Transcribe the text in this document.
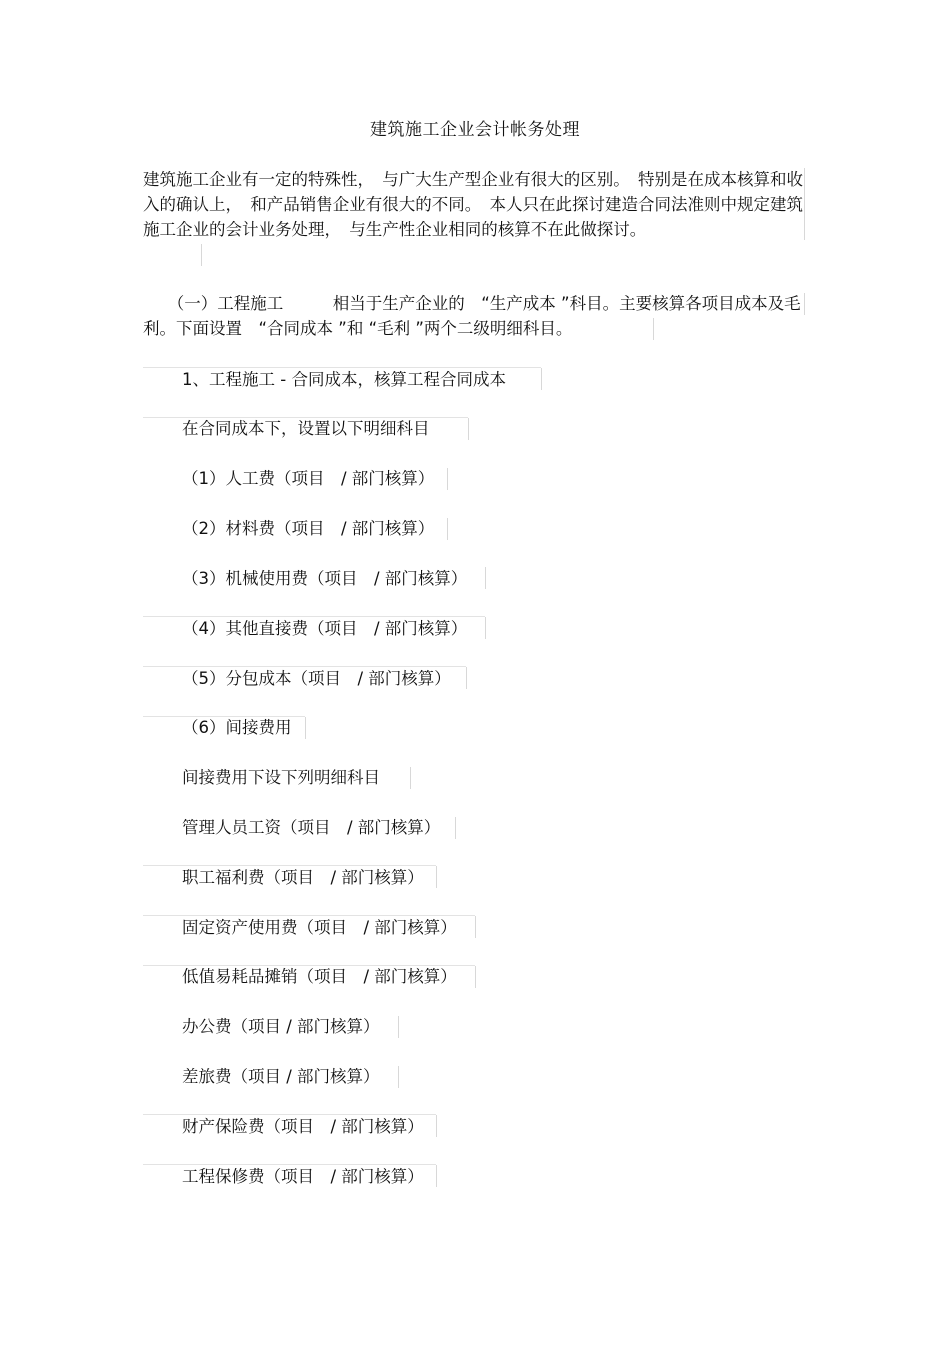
建筑施工企业会计帐务处理

建筑施工企业有一定的特殊性，　与广大生产型企业有很大的区别。　特别是在成本核算和收入的确认上，　和产品销售企业有很大的不同。　本人只在此探讨建造合同法准则中规定建筑施工企业的会计业务处理，　与生产性企业相同的核算不在此做探讨。

　　（一）工程施工　　　相当于生产企业的　“生产成本 ”科目。主要核算各项目成本及毛利。下面设置　“合同成本 ”和 “毛利 ”两个二级明细科目。

1、工程施工 - 合同成本，核算工程合同成本
在合同成本下，设置以下明细科目
（1）人工费（项目　/ 部门核算）
（2）材料费（项目　/ 部门核算）
（3）机械使用费（项目　/ 部门核算）
（4）其他直接费（项目　/ 部门核算）
（5）分包成本（项目　/ 部门核算）
（6）间接费用
间接费用下设下列明细科目
管理人员工资（项目　/ 部门核算）
职工福利费（项目　/ 部门核算）
固定资产使用费（项目　/ 部门核算）
低值易耗品摊销（项目　/ 部门核算）
办公费（项目 / 部门核算）
差旅费（项目 / 部门核算）
财产保险费（项目　/ 部门核算）
工程保修费（项目　/ 部门核算）
